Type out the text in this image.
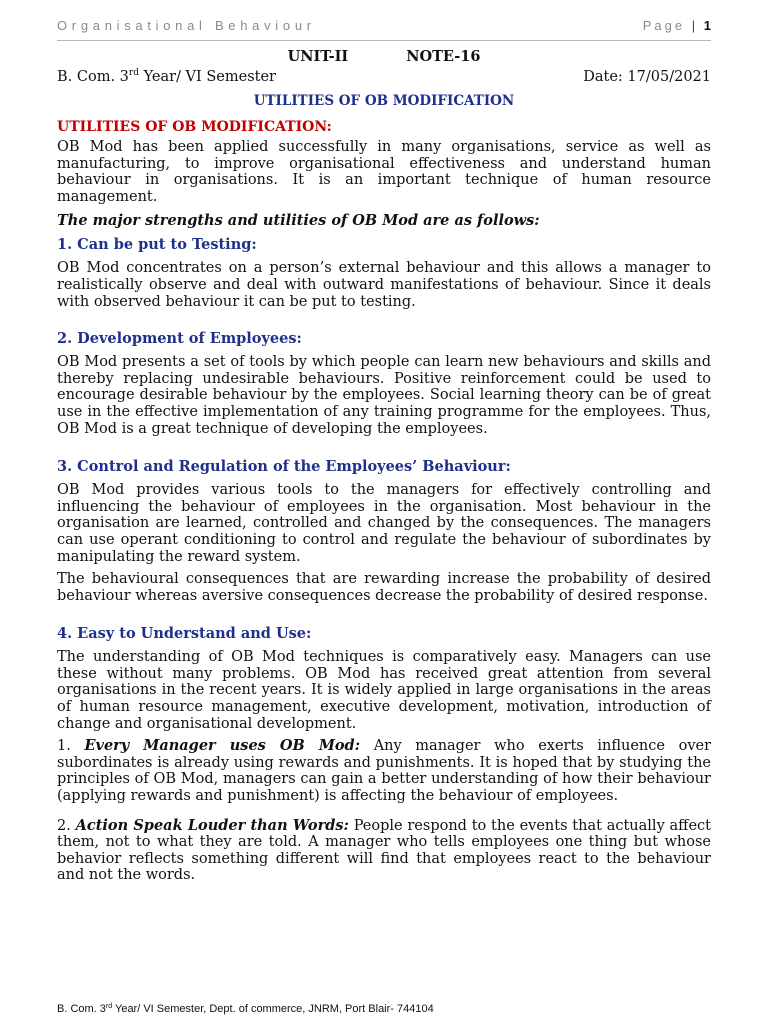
Organisational Behaviour	Page | 1
UNIT-II	NOTE-16
B. Com. 3rd Year/ VI Semester	Date: 17/05/2021
UTILITIES OF OB MODIFICATION
UTILITIES OF OB MODIFICATION:

OB Mod has been applied successfully in many organisations, service as well as manufacturing, to improve organisational effectiveness and understand human behaviour in organisations. It is an important technique of human resource management.

The major strengths and utilities of OB Mod are as follows:
1. Can be put to Testing:

OB Mod concentrates on a person’s external behaviour and this allows a manager to realistically observe and deal with outward manifestations of behaviour. Since it deals with observed behaviour it can be put to testing.

2. Development of Employees:

OB Mod presents a set of tools by which people can learn new behaviours and skills and thereby replacing undesirable behaviours. Positive reinforcement could be used to encourage desirable behaviour by the employees. Social learning theory can be of great use in the effective implementation of any training programme for the employees. Thus, OB Mod is a great technique of developing the employees.

3. Control and Regulation of the Employees’ Behaviour:

OB Mod provides various tools to the managers for effectively controlling and influencing the behaviour of employees in the organisation. Most behaviour in the organisation are learned, controlled and changed by the consequences. The managers can use operant conditioning to control and regulate the behaviour of subordinates by manipulating the reward system.

The behavioural consequences that are rewarding increase the probability of desired behaviour whereas aversive consequences decrease the probability of desired response.

4. Easy to Understand and Use:

The understanding of OB Mod techniques is comparatively easy. Managers can use these without many problems. OB Mod has received great attention from several organisations in the recent years. It is widely applied in large organisations in the areas of human resource management, executive development, motivation, introduction of change and organisational development.

1. Every Manager uses OB Mod: Any manager who exerts influence over subordinates is already using rewards and punishments. It is hoped that by studying the principles of OB Mod, managers can gain a better understanding of how their behaviour (applying rewards and punishment) is affecting the behaviour of employees.

2. Action Speak Louder than Words: People respond to the events that actually affect them, not to what they are told. A manager who tells employees one thing but whose behavior reflects something different will find that employees react to the behaviour and not the words.

B. Com. 3rd Year/ VI Semester, Dept. of commerce, JNRM, Port Blair- 744104
